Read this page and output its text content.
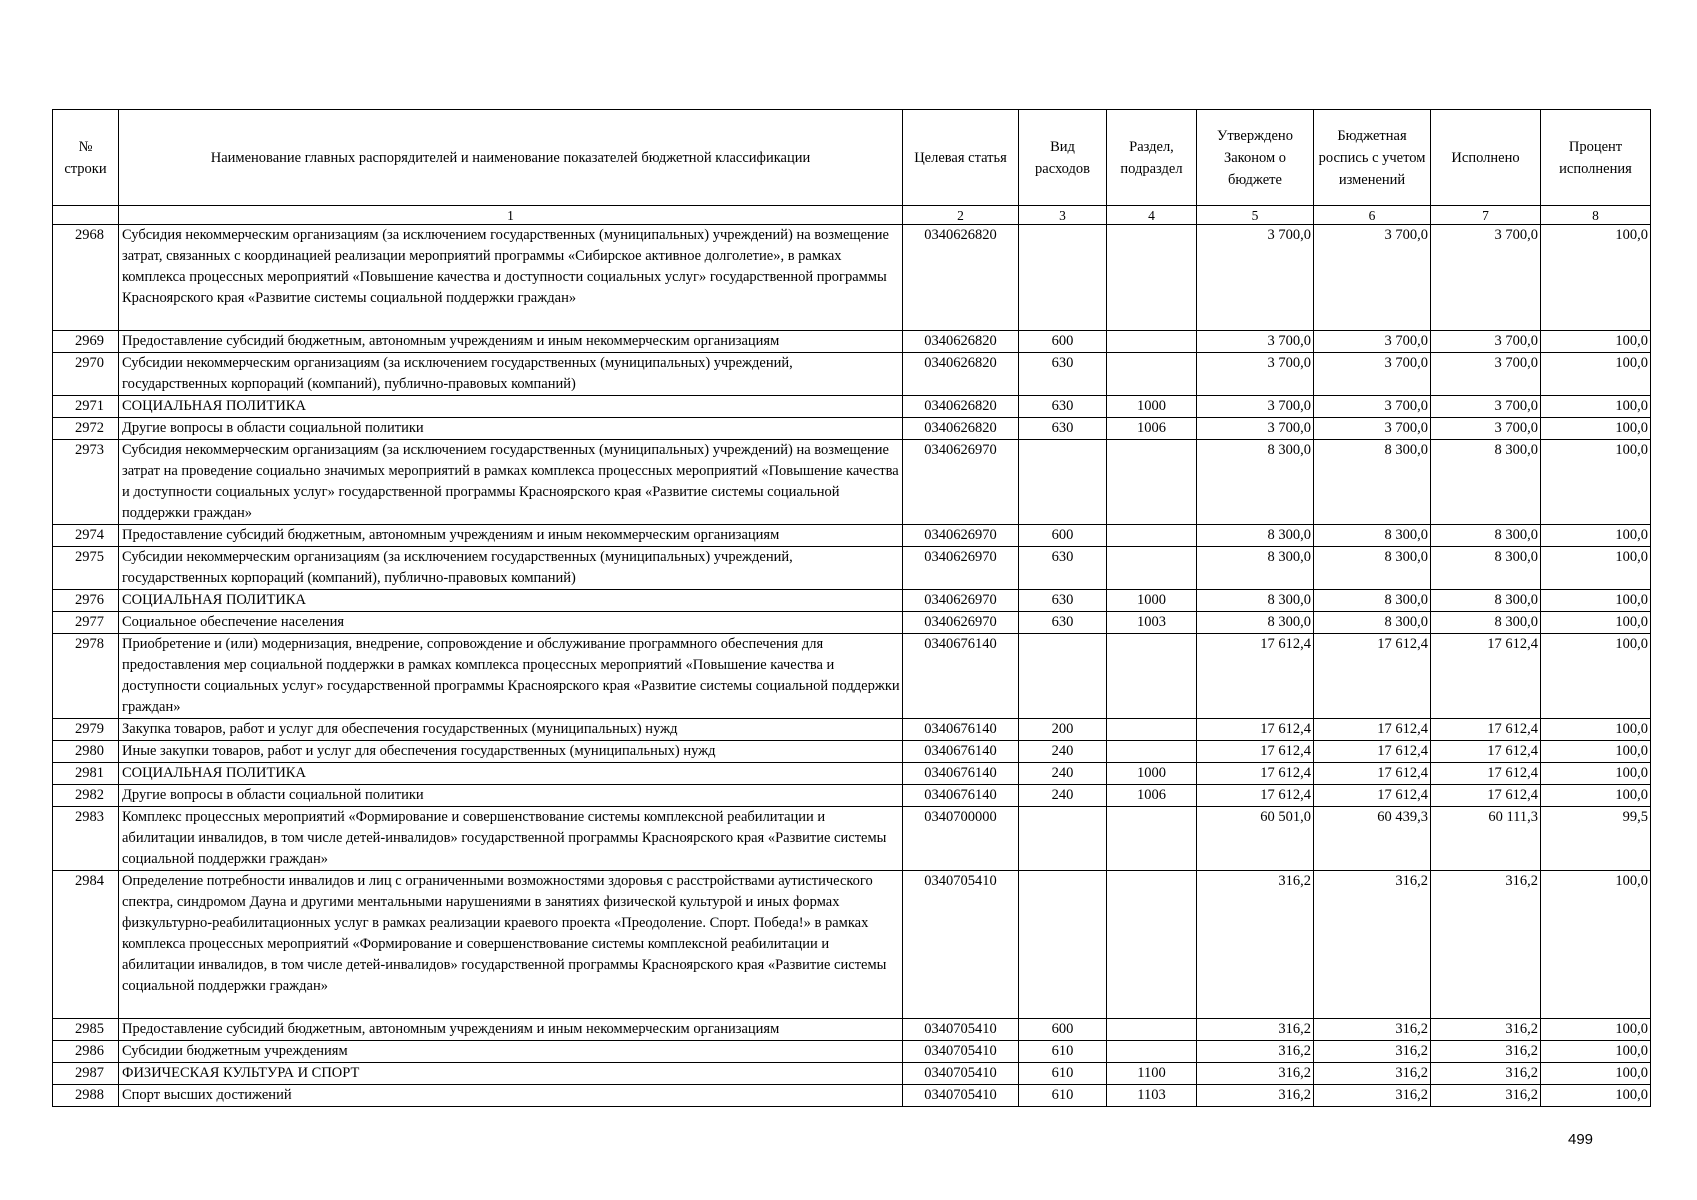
№ строки	Наименование главных распорядителей и наименование показателей бюджетной классификации	Целевая статья	Вид расходов	Раздел, подраздел	Утверждено Законом о бюджете	Бюджетная роспись с учетом изменений	Исполнено	Процент исполнения
	1	2	3	4	5	6	7	8
2968	Субсидия некоммерческим организациям (за исключением государственных (муниципальных) учреждений) на возмещение затрат, связанных с координацией реализации мероприятий программы «Сибирское активное долголетие», в рамках комплекса процессных мероприятий «Повышение качества и доступности социальных услуг» государственной программы Красноярского края «Развитие системы социальной поддержки граждан»	0340626820			3 700,0	3 700,0	3 700,0	100,0
2969	Предоставление субсидий бюджетным, автономным учреждениям и иным некоммерческим организациям	0340626820	600		3 700,0	3 700,0	3 700,0	100,0
2970	Субсидии некоммерческим организациям (за исключением государственных (муниципальных) учреждений, государственных корпораций (компаний), публично-правовых компаний)	0340626820	630		3 700,0	3 700,0	3 700,0	100,0
2971	СОЦИАЛЬНАЯ ПОЛИТИКА	0340626820	630	1000	3 700,0	3 700,0	3 700,0	100,0
2972	Другие вопросы в области социальной политики	0340626820	630	1006	3 700,0	3 700,0	3 700,0	100,0
2973	Субсидия некоммерческим организациям (за исключением государственных (муниципальных) учреждений) на возмещение затрат на проведение социально значимых мероприятий в рамках комплекса процессных мероприятий «Повышение качества и доступности социальных услуг» государственной программы Красноярского края «Развитие системы социальной поддержки граждан»	0340626970			8 300,0	8 300,0	8 300,0	100,0
2974	Предоставление субсидий бюджетным, автономным учреждениям и иным некоммерческим организациям	0340626970	600		8 300,0	8 300,0	8 300,0	100,0
2975	Субсидии некоммерческим организациям (за исключением государственных (муниципальных) учреждений, государственных корпораций (компаний), публично-правовых компаний)	0340626970	630		8 300,0	8 300,0	8 300,0	100,0
2976	СОЦИАЛЬНАЯ ПОЛИТИКА	0340626970	630	1000	8 300,0	8 300,0	8 300,0	100,0
2977	Социальное обеспечение населения	0340626970	630	1003	8 300,0	8 300,0	8 300,0	100,0
2978	Приобретение и (или) модернизация, внедрение, сопровождение и обслуживание программного обеспечения для предоставления мер социальной поддержки в рамках комплекса процессных мероприятий «Повышение качества и доступности социальных услуг» государственной программы Красноярского края «Развитие системы социальной поддержки граждан»	0340676140			17 612,4	17 612,4	17 612,4	100,0
2979	Закупка товаров, работ и услуг для обеспечения государственных (муниципальных) нужд	0340676140	200		17 612,4	17 612,4	17 612,4	100,0
2980	Иные закупки товаров, работ и услуг для обеспечения государственных (муниципальных) нужд	0340676140	240		17 612,4	17 612,4	17 612,4	100,0
2981	СОЦИАЛЬНАЯ ПОЛИТИКА	0340676140	240	1000	17 612,4	17 612,4	17 612,4	100,0
2982	Другие вопросы в области социальной политики	0340676140	240	1006	17 612,4	17 612,4	17 612,4	100,0
2983	Комплекс процессных мероприятий «Формирование и совершенствование системы комплексной реабилитации и абилитации инвалидов, в том числе детей-инвалидов» государственной программы Красноярского края «Развитие системы социальной поддержки граждан»	0340700000			60 501,0	60 439,3	60 111,3	99,5
2984	Определение потребности инвалидов и лиц с ограниченными возможностями здоровья с расстройствами аутистического спектра, синдромом Дауна и другими ментальными нарушениями в занятиях физической культурой и иных формах физкультурно-реабилитационных услуг в рамках реализации краевого проекта «Преодоление. Спорт. Победа!» в рамках комплекса процессных мероприятий «Формирование и совершенствование системы комплексной реабилитации и абилитации инвалидов, в том числе детей-инвалидов» государственной программы Красноярского края «Развитие системы социальной поддержки граждан»	0340705410			316,2	316,2	316,2	100,0
2985	Предоставление субсидий бюджетным, автономным учреждениям и иным некоммерческим организациям	0340705410	600		316,2	316,2	316,2	100,0
2986	Субсидии бюджетным учреждениям	0340705410	610		316,2	316,2	316,2	100,0
2987	ФИЗИЧЕСКАЯ КУЛЬТУРА И СПОРТ	0340705410	610	1100	316,2	316,2	316,2	100,0
2988	Спорт высших достижений	0340705410	610	1103	316,2	316,2	316,2	100,0
499
